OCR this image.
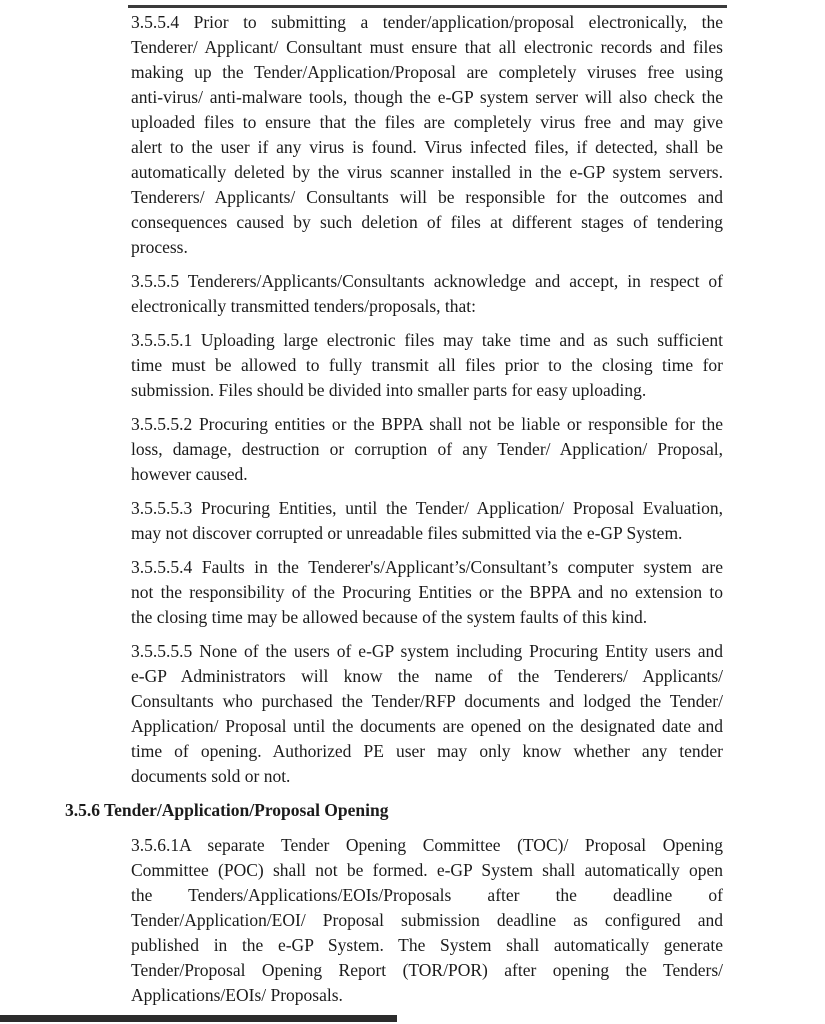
3.5.5.4 Prior to submitting a tender/application/proposal electronically, the
Tenderer/ Applicant/ Consultant must ensure that all electronic records and files
making up the Tender/Application/Proposal are completely viruses free using
anti-virus/ anti-malware tools, though the e-GP system server will also check the
uploaded files to ensure that the files are completely virus free and may give
alert to the user if any virus is found. Virus infected files, if detected, shall be
automatically deleted by the virus scanner installed in the e-GP system servers.
Tenderers/ Applicants/ Consultants will be responsible for the outcomes and
consequences caused by such deletion of files at different stages of tendering
process.
3.5.5.5 Tenderers/Applicants/Consultants acknowledge and accept, in respect of
electronically transmitted tenders/proposals, that:
3.5.5.5.1 Uploading large electronic files may take time and as such sufficient
time must be allowed to fully transmit all files prior to the closing time for
submission. Files should be divided into smaller parts for easy uploading.
3.5.5.5.2 Procuring entities or the BPPA shall not be liable or responsible for the
loss, damage, destruction or corruption of any Tender/ Application/ Proposal,
however caused.
3.5.5.5.3 Procuring Entities, until the Tender/ Application/ Proposal Evaluation,
may not discover corrupted or unreadable files submitted via the e-GP System.
3.5.5.5.4 Faults in the Tenderer's/Applicant’s/Consultant’s computer system are
not the responsibility of the Procuring Entities or the BPPA and no extension to
the closing time may be allowed because of the system faults of this kind.
3.5.5.5.5 None of the users of e-GP system including Procuring Entity users and
e-GP Administrators will know the name of the Tenderers/ Applicants/
Consultants who purchased the Tender/RFP documents and lodged the Tender/
Application/ Proposal until the documents are opened on the designated date and
time of opening. Authorized PE user may only know whether any tender
documents sold or not.
3.5.6 Tender/Application/Proposal Opening
3.5.6.1A separate Tender Opening Committee (TOC)/ Proposal Opening
Committee (POC) shall not be formed. e-GP System shall automatically open
the Tenders/Applications/EOIs/Proposals after the deadline of
Tender/Application/EOI/ Proposal submission deadline as configured and
published in the e-GP System. The System shall automatically generate
Tender/Proposal Opening Report (TOR/POR) after opening the Tenders/
Applications/EOIs/ Proposals.
